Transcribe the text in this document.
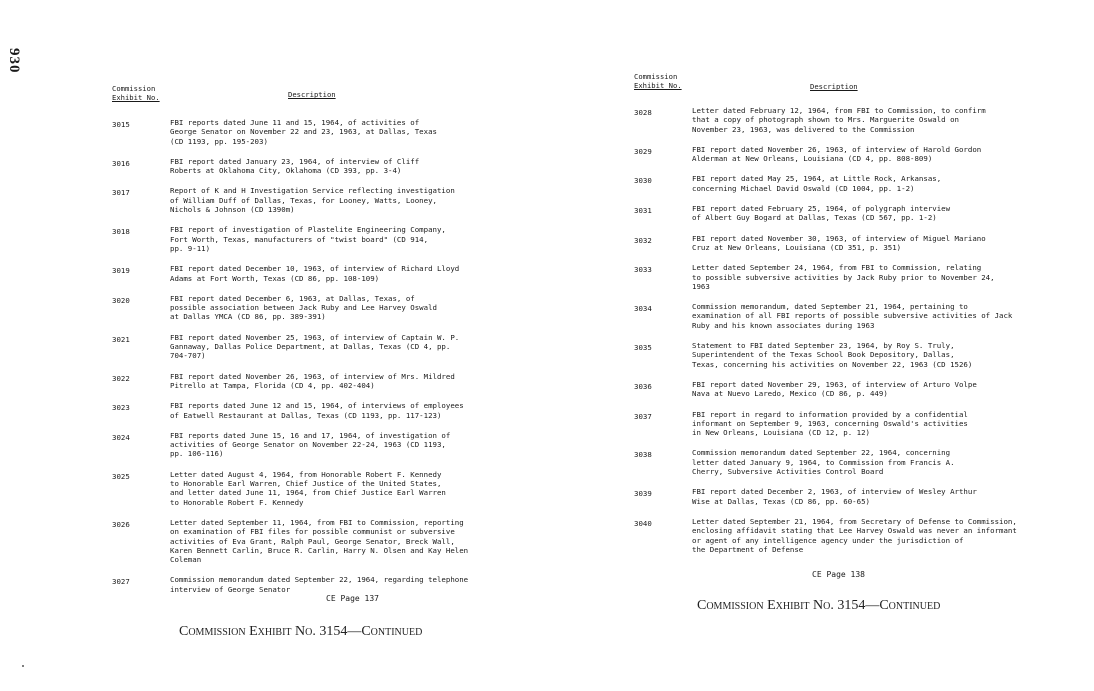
930
Commission
Exhibit No.	Description
3015	FBI reports dated June 11 and 15, 1964, of activities of
George Senator on November 22 and 23, 1963, at Dallas, Texas
(CD 1193, pp. 195-203)
3016	FBI report dated January 23, 1964, of interview of Cliff
Roberts at Oklahoma City, Oklahoma (CD 393, pp. 3-4)
3017	Report of K and H Investigation Service reflecting investigation
of William Duff of Dallas, Texas, for Looney, Watts, Looney,
Nichols & Johnson (CD 1390m)
3018	FBI report of investigation of Plastelite Engineering Company,
Fort Worth, Texas, manufacturers of "twist board" (CD 914,
pp. 9-11)
3019	FBI report dated December 10, 1963, of interview of Richard Lloyd
Adams at Fort Worth, Texas (CD 86, pp. 108-109)
3020	FBI report dated December 6, 1963, at Dallas, Texas, of
possible association between Jack Ruby and Lee Harvey Oswald
at Dallas YMCA (CD 86, pp. 389-391)
3021	FBI report dated November 25, 1963, of interview of Captain W. P.
Gannaway, Dallas Police Department, at Dallas, Texas (CD 4, pp.
704-707)
3022	FBI report dated November 26, 1963, of interview of Mrs. Mildred
Pitrello at Tampa, Florida (CD 4, pp. 402-404)
3023	FBI reports dated June 12 and 15, 1964, of interviews of employees
of Eatwell Restaurant at Dallas, Texas (CD 1193, pp. 117-123)
3024	FBI reports dated June 15, 16 and 17, 1964, of investigation of
activities of George Senator on November 22-24, 1963 (CD 1193,
pp. 106-116)
3025	Letter dated August 4, 1964, from Honorable Robert F. Kennedy
to Honorable Earl Warren, Chief Justice of the United States,
and letter dated June 11, 1964, from Chief Justice Earl Warren
to Honorable Robert F. Kennedy
3026	Letter dated September 11, 1964, from FBI to Commission, reporting
on examination of FBI files for possible communist or subversive
activities of Eva Grant, Ralph Paul, George Senator, Breck Wall,
Karen Bennett Carlin, Bruce R. Carlin, Harry N. Olsen and Kay Helen
Coleman
3027	Commission memorandum dated September 22, 1964, regarding telephone
interview of George Senator
Commission
Exhibit No.	Description
3028	Letter dated February 12, 1964, from FBI to Commission, to confirm
that a copy of photograph shown to Mrs. Marguerite Oswald on
November 23, 1963, was delivered to the Commission
3029	FBI report dated November 26, 1963, of interview of Harold Gordon
Alderman at New Orleans, Louisiana (CD 4, pp. 808-809)
3030	FBI report dated May 25, 1964, at Little Rock, Arkansas,
concerning Michael David Oswald (CD 1004, pp. 1-2)
3031	FBI report dated February 25, 1964, of polygraph interview
of Albert Guy Bogard at Dallas, Texas (CD 567, pp. 1-2)
3032	FBI report dated November 30, 1963, of interview of Miguel Mariano
Cruz at New Orleans, Louisiana (CD 351, p. 351)
3033	Letter dated September 24, 1964, from FBI to Commission, relating
to possible subversive activities by Jack Ruby prior to November 24,
1963
3034	Commission memorandum, dated September 21, 1964, pertaining to
examination of all FBI reports of possible subversive activities of Jack
Ruby and his known associates during 1963
3035	Statement to FBI dated September 23, 1964, by Roy S. Truly,
Superintendent of the Texas School Book Depository, Dallas,
Texas, concerning his activities on November 22, 1963 (CD 1526)
3036	FBI report dated November 29, 1963, of interview of Arturo Volpe
Nava at Nuevo Laredo, Mexico (CD 86, p. 449)
3037	FBI report in regard to information provided by a confidential
informant on September 9, 1963, concerning Oswald's activities
in New Orleans, Louisiana (CD 12, p. 12)
3038	Commission memorandum dated September 22, 1964, concerning
letter dated January 9, 1964, to Commission from Francis A.
Cherry, Subversive Activities Control Board
3039	FBI report dated December 2, 1963, of interview of Wesley Arthur
Wise at Dallas, Texas (CD 86, pp. 60-65)
3040	Letter dated September 21, 1964, from Secretary of Defense to Commission,
enclosing affidavit stating that Lee Harvey Oswald was never an informant
or agent of any intelligence agency under the jurisdiction of
the Department of Defense
CE Page 137
CE Page 138
Commission Exhibit No. 3154—Continued
Commission Exhibit No. 3154—Continued
